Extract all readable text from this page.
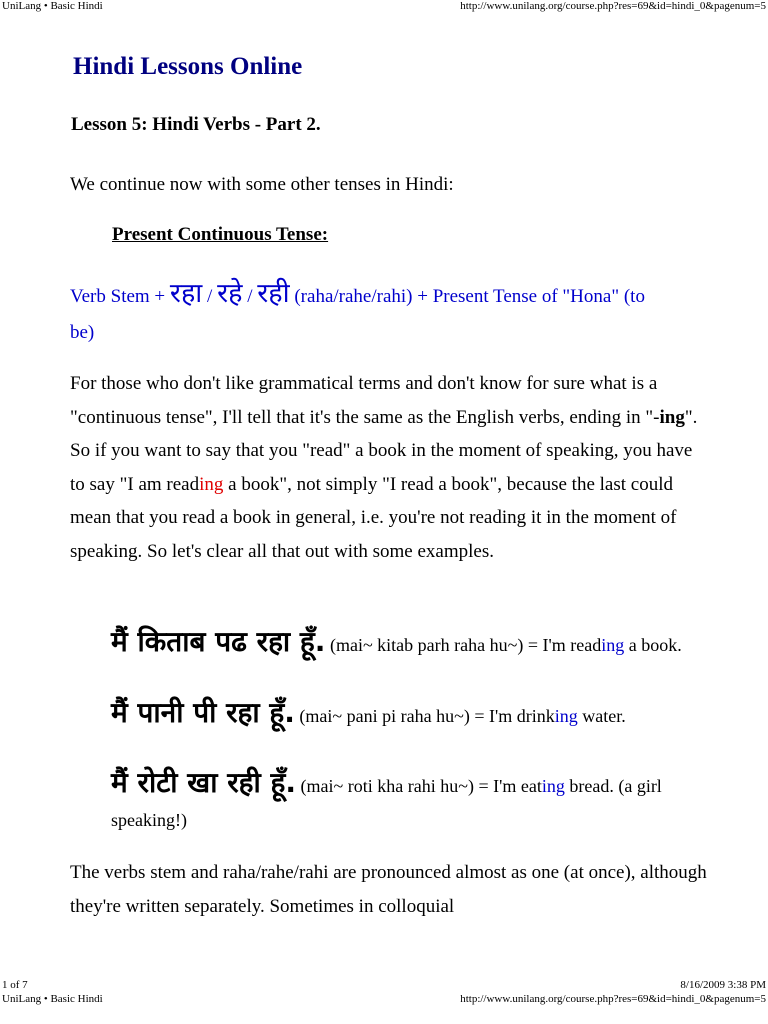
UniLang • Basic Hindi	http://www.unilang.org/course.php?res=69&id=hindi_0&pagenum=5
Hindi Lessons Online
Lesson 5: Hindi Verbs - Part 2.

We continue now with some other tenses in Hindi:

Present Continuous Tense:

Verb Stem + रहा / रहे / रही (raha/rahe/rahi) + Present Tense of "Hona" (to be)

For those who don't like grammatical terms and don't know for sure what is a "continuous tense", I'll tell that it's the same as the English verbs, ending in "-ing". So if you want to say that you "read" a book in the moment of speaking, you have to say "I am reading a book", not simply "I read a book", because the last could mean that you read a book in general, i.e. you're not reading it in the moment of speaking. So let's clear all that out with some examples.

मैं किताब पढ रहा हूँ. (mai~ kitab parh raha hu~) = I'm reading a book.

मैं पानी पी रहा हूँ. (mai~ pani pi raha hu~) = I'm drinking water.

मैं रोटी खा रही हूँ. (mai~ roti kha rahi hu~) = I'm eating bread. (a girl speaking!)

The verbs stem and raha/rahe/rahi are pronounced almost as one (at once), although they're written separately. Sometimes in colloquial

1 of 7	8/16/2009 3:38 PM
UniLang • Basic Hindi	http://www.unilang.org/course.php?res=69&id=hindi_0&pagenum=5
